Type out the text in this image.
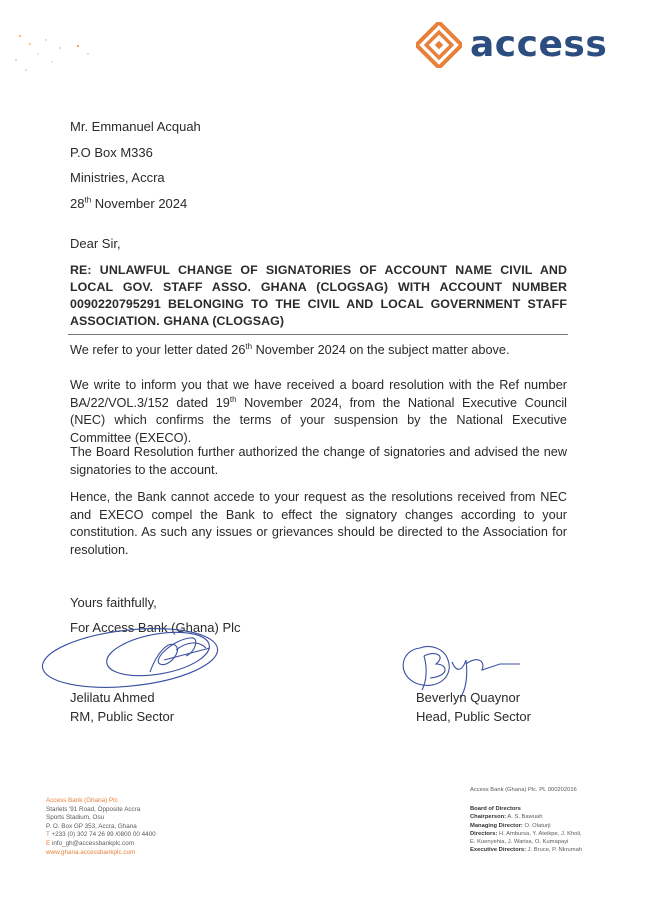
access
Mr. Emmanuel Acquah
P.O Box M336
Ministries, Accra
28th November 2024
Dear Sir,
RE: UNLAWFUL CHANGE OF SIGNATORIES OF ACCOUNT NAME CIVIL AND LOCAL GOV. STAFF ASSO. GHANA (CLOGSAG) WITH ACCOUNT NUMBER 0090220795291 BELONGING TO THE CIVIL AND LOCAL GOVERNMENT STAFF ASSOCIATION. GHANA (CLOGSAG)
We refer to your letter dated 26th November 2024 on the subject matter above.
We write to inform you that we have received a board resolution with the Ref number BA/22/VOL.3/152 dated 19th November 2024, from the National Executive Council (NEC) which confirms the terms of your suspension by the National Executive Committee (EXECO).
The Board Resolution further authorized the change of signatories and advised the new signatories to the account.
Hence, the Bank cannot accede to your request as the resolutions received from NEC and EXECO compel the Bank to effect the signatory changes according to your constitution. As such any issues or grievances should be directed to the Association for resolution.
Yours faithfully,
For Access Bank (Ghana) Plc
Jelilatu Ahmed
RM, Public Sector
Beverlyn Quaynor
Head, Public Sector
Access Bank (Ghana) Plc
Starlets '91 Road, Opposite Accra
Sports Stadium, Osu
P. O. Box GP 353, Accra, Ghana
T +233 (0) 302 74 26 99 /0800 00 4400
E info_gh@accessbankplc.com
www.ghana.accessbankplc.com
Access Bank (Ghana) Plc. PL 000202016
Board of Directors
Chairperson: A. S. Bawuah
Managing Director: O. Olaturji
Directors: H. Ambursa, Y. Ateikpe, J. Kholi,
E. Kuenyehia, J. Warisa, O. Kumapayi
Executive Directors: J. Bruce, P. Nkrumah
